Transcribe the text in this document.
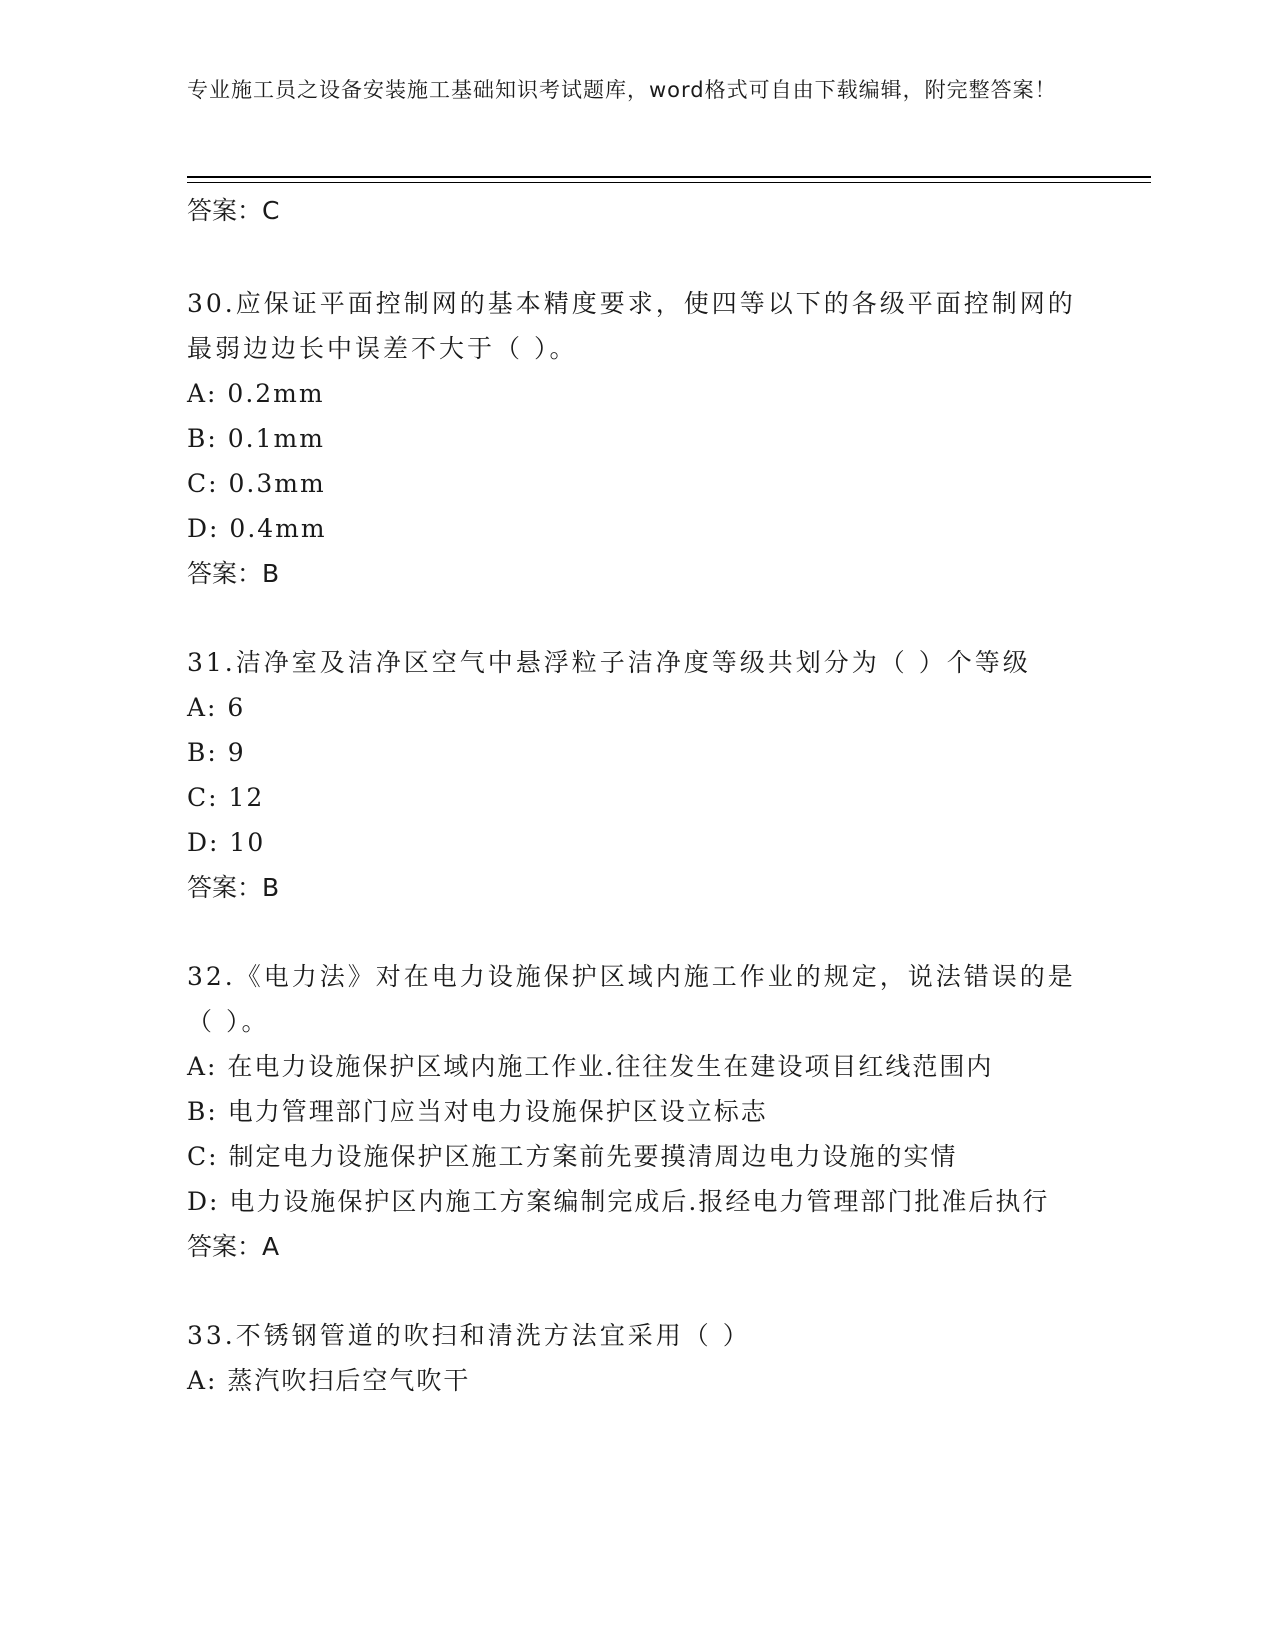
专业施工员之设备安装施工基础知识考试题库，word格式可自由下载编辑，附完整答案！

答案：C

30.应保证平面控制网的基本精度要求，使四等以下的各级平面控制网的最弱边边长中误差不大于（ ）。

A: 0.2mm

B: 0.1mm

C: 0.3mm

D: 0.4mm

答案：B

31.洁净室及洁净区空气中悬浮粒子洁净度等级共划分为（ ）个等级

A: 6

B: 9

C: 12

D: 10

答案：B

32.《电力法》对在电力设施保护区域内施工作业的规定，说法错误的是（ ）。

A: 在电力设施保护区域内施工作业.往往发生在建设项目红线范围内

B: 电力管理部门应当对电力设施保护区设立标志

C: 制定电力设施保护区施工方案前先要摸清周边电力设施的实情

D: 电力设施保护区内施工方案编制完成后.报经电力管理部门批准后执行

答案：A

33.不锈钢管道的吹扫和清洗方法宜采用（ ）

A: 蒸汽吹扫后空气吹干
